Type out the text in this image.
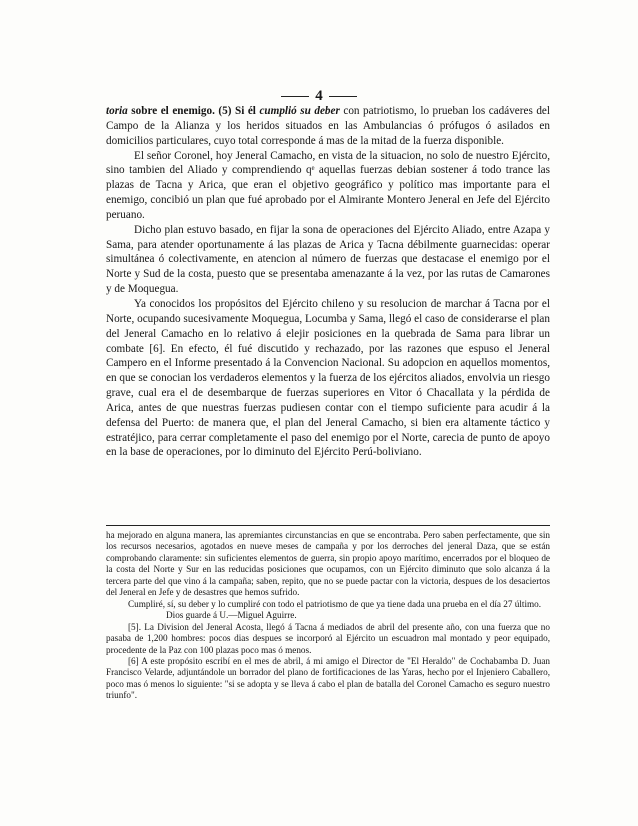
4

toria sobre el enemigo. (5) Si él cumplió su deber con patriotismo, lo prueban los cadáveres del Campo de la Alianza y los heridos situados en las Ambulancias ó prófugos ó asilados en domicilios particulares, cuyo total corresponde á mas de la mitad de la fuerza disponible.

El señor Coronel, hoy Jeneral Camacho, en vista de la situacion, no solo de nuestro Ejército, sino tambien del Aliado y comprendiendo qᵉ aquellas fuerzas debian sostener á todo trance las plazas de Tacna y Arica, que eran el objetivo geográfico y político mas importante para el enemigo, concibió un plan que fué aprobado por el Almirante Montero Jeneral en Jefe del Ejército peruano.

Dicho plan estuvo basado, en fijar la sona de operaciones del Ejército Aliado, entre Azapa y Sama, para atender oportunamente á las plazas de Arica y Tacna débilmente guarnecidas: operar simultánea ó colectivamente, en atencion al número de fuerzas que destacase el enemigo por el Norte y Sud de la costa, puesto que se presentaba amenazante á la vez, por las rutas de Camarones y de Moquegua.

Ya conocidos los propósitos del Ejército chileno y su resolucion de marchar á Tacna por el Norte, ocupando sucesivamente Moquegua, Locumba y Sama, llegó el caso de considerarse el plan del Jeneral Camacho en lo relativo á elejir posiciones en la quebrada de Sama para librar un combate [6]. En efecto, él fué discutido y rechazado, por las razones que espuso el Jeneral Campero en el Informe presentado á la Convencion Nacional. Su adopcion en aquellos momentos, en que se conocian los verdaderos elementos y la fuerza de los ejércitos aliados, envolvia un riesgo grave, cual era el de desembarque de fuerzas superiores en Vitor ó Chacallata y la pérdida de Arica, antes de que nuestras fuerzas pudiesen contar con el tiempo suficiente para acudir á la defensa del Puerto: de manera que, el plan del Jeneral Camacho, si bien era altamente táctico y estratéjico, para cerrar completamente el paso del enemigo por el Norte, carecia de punto de apoyo en la base de operaciones, por lo diminuto del Ejército Perú-boliviano.

ha mejorado en alguna manera, las apremiantes circunstancias en que se encontraba. Pero saben perfectamente, que sin los recursos necesarios, agotados en nueve meses de campaña y por los derroches del jeneral Daza, que se están comprobando claramente: sin suficientes elementos de guerra, sin propio apoyo marítimo, encerrados por el bloqueo de la costa del Norte y Sur en las reducidas posiciones que ocupamos, con un Ejército diminuto que solo alcanza á la tercera parte del que vino á la campaña; saben, repito, que no se puede pactar con la victoria, despues de los desaciertos del Jeneral en Jefe y de desastres que hemos sufrido.

Cumpliré, sí, su deber y lo cumpliré con todo el patriotismo de que ya tiene dada una prueba en el día 27 último.

Dios guarde á U.—Miguel Aguirre.

[5]. La Division del Jeneral Acosta, llegó á Tacna á mediados de abril del presente año, con una fuerza que no pasaba de 1,200 hombres: pocos dias despues se incorporó al Ejército un escuadron mal montado y peor equipado, procedente de la Paz con 100 plazas poco mas ó menos.

[6] A este propósito escribí en el mes de abril, á mi amigo el Director de "El Heraldo" de Cochabamba D. Juan Francisco Velarde, adjuntándole un borrador del plano de fortificaciones de las Yaras, hecho por el Injeniero Caballero, poco mas ó menos lo siguiente: "si se adopta y se lleva á cabo el plan de batalla del Coronel Camacho es seguro nuestro triunfo".
